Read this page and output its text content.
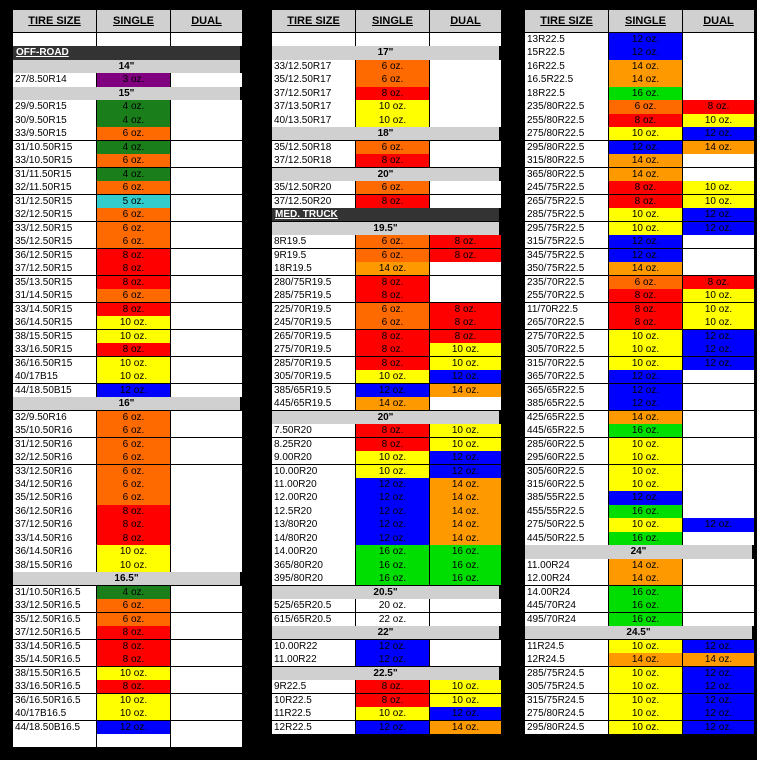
TIRE SIZE	SINGLE	DUAL
OFF-ROAD
14"
27/8.50R14	3 oz.
15"
29/9.50R15	4 oz.
30/9.50R15	4 oz.
33/9.50R15	6 oz.
31/10.50R15	4 oz.
33/10.50R15	6 oz.
31/11.50R15	4 oz.
32/11.50R15	6 oz.
31/12.50R15	5 oz.
32/12.50R15	6 oz.
33/12.50R15	6 oz.
35/12.50R15	6 oz.
36/12.50R15	8 oz.
37/12.50R15	8 oz.
35/13.50R15	8 oz.
31/14.50R15	6 oz.
33/14.50R15	8 oz.
36/14.50R15	10 oz.
38/15.50R15	10 oz.
33/16.50R15	8 oz.
36/16.50R15	10 oz.
40/17B15	10 oz.
44/18.50B15	12 oz.
16"
32/9.50R16	6 oz.
35/10.50R16	6 oz.
31/12.50R16	6 oz.
32/12.50R16	6 oz.
33/12.50R16	6 oz.
34/12.50R16	6 oz.
35/12.50R16	6 oz.
36/12.50R16	8 oz.
37/12.50R16	8 oz.
33/14.50R16	8 oz.
36/14.50R16	10 oz.
38/15.50R16	10 oz.
16.5"
31/10.50R16.5	4 oz.
33/12.50R16.5	6 oz.
35/12.50R16.5	6 oz.
37/12.50R16.5	8 oz.
33/14.50R16.5	8 oz.
35/14.50R16.5	8 oz.
38/15.50R16.5	10 oz.
33/16.50R16.5	8 oz.
36/16.50R16.5	10 oz.
40/17B16.5	10 oz.
44/18.50B16.5	12 oz.
TIRE SIZE	SINGLE	DUAL
17"
33/12.50R17	6 oz.
35/12.50R17	6 oz.
37/12.50R17	8 oz.
37/13.50R17	10 oz.
40/13.50R17	10 oz.
18"
35/12.50R18	6 oz.
37/12.50R18	8 oz.
20"
35/12.50R20	6 oz.
37/12.50R20	8 oz.
MED. TRUCK
19.5"
8R19.5	6 oz.	8 oz.
9R19.5	6 oz.	8 oz.
18R19.5	14 oz.
280/75R19.5	8 oz.
285/75R19.5	8 oz.
225/70R19.5	6 oz.	8 oz.
245/70R19.5	6 oz.	8 oz.
265/70R19.5	8 oz.	8 oz.
275/70R19.5	8 oz.	10 oz.
285/70R19.5	8 oz.	10 oz.
305/70R19.5	10 oz.	12 oz.
385/65R19.5	12 oz.	14 oz.
445/65R19.5	14 oz.
20"
7.50R20	8 oz.	10 oz.
8.25R20	8 oz.	10 oz.
9.00R20	10 oz.	12 oz.
10.00R20	10 oz.	12 oz.
11.00R20	12 oz.	14 oz.
12.00R20	12 oz.	14 oz.
12.5R20	12 oz.	14 oz.
13/80R20	12 oz.	14 oz.
14/80R20	12 oz.	14 oz.
14.00R20	16 oz.	16 oz.
365/80R20	16 oz.	16 oz.
395/80R20	16 oz.	16 oz.
20.5"
525/65R20.5	20 oz.
615/65R20.5	22 oz.
22"
10.00R22	12 oz.
11.00R22	12 oz.
22.5"
9R22.5	8 oz.	10 oz.
10R22.5	8 oz.	10 oz.
11R22.5	10 oz.	12 oz.
12R22.5	12 oz.	14 oz.
TIRE SIZE	SINGLE	DUAL
13R22.5	12 oz.
15R22.5	12 oz.
16R22.5	14 oz.
16.5R22.5	14 oz.
18R22.5	16 oz.
235/80R22.5	6 oz.	8 oz.
255/80R22.5	8 oz.	10 oz.
275/80R22.5	10 oz.	12 oz.
295/80R22.5	12 oz.	14 oz.
315/80R22.5	14 oz.
365/80R22.5	14 oz.
245/75R22.5	8 oz.	10 oz.
265/75R22.5	8 oz.	10 oz.
285/75R22.5	10 oz.	12 oz.
295/75R22.5	10 oz.	12 oz.
315/75R22.5	12 oz.
345/75R22.5	12 oz.
350/75R22.5	14 oz.
235/70R22.5	6 oz.	8 oz.
255/70R22.5	8 oz.	10 oz.
11/70R22.5	8 oz.	10 oz.
265/70R22.5	8 oz.	10 oz.
275/70R22.5	10 oz.	12 oz.
305/70R22.5	10 oz.	12 oz.
315/70R22.5	10 oz.	12 oz.
365/70R22.5	12 oz.
365/65R22.5	12 oz.
385/65R22.5	12 oz.
425/65R22.5	14 oz.
445/65R22.5	16 oz.
285/60R22.5	10 oz.
295/60R22.5	10 oz.
305/60R22.5	10 oz.
315/60R22.5	10 oz.
385/55R22.5	12 oz.
455/55R22.5	16 oz.
275/50R22.5	10 oz.	12 oz.
445/50R22.5	16 oz.
24"
11.00R24	14 oz.
12.00R24	14 oz.
14.00R24	16 oz.
445/70R24	16 oz.
495/70R24	16 oz.
24.5"
11R24.5	10 oz.	12 oz.
12R24.5	14 oz.	14 oz.
285/75R24.5	10 oz.	12 oz.
305/75R24.5	10 oz.	12 oz.
315/75R24.5	10 oz.	12 oz.
275/80R24.5	10 oz.	12 oz.
295/80R24.5	10 oz.	12 oz.
